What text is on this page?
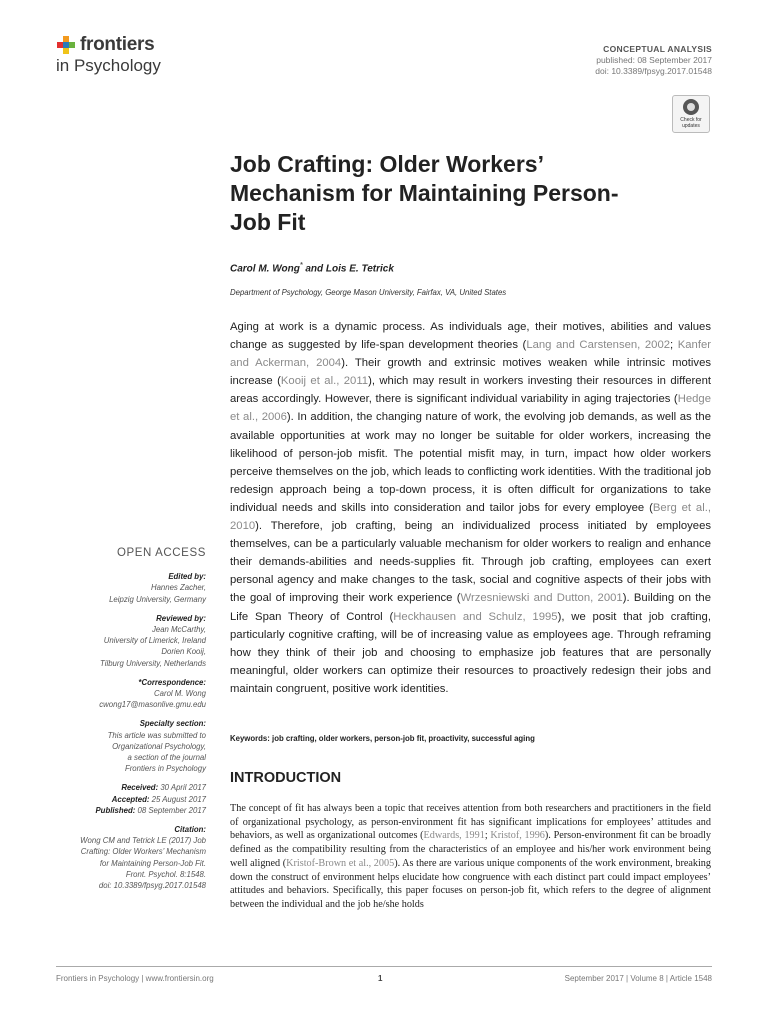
frontiers
in Psychology
CONCEPTUAL ANALYSIS
published: 08 September 2017
doi: 10.3389/fpsyg.2017.01548
Check for
updates
Job Crafting: Older Workers’ Mechanism for Maintaining Person-Job Fit
Carol M. Wong* and Lois E. Tetrick
Department of Psychology, George Mason University, Fairfax, VA, United States

Aging at work is a dynamic process. As individuals age, their motives, abilities and values change as suggested by life-span development theories (Lang and Carstensen, 2002; Kanfer and Ackerman, 2004). Their growth and extrinsic motives weaken while intrinsic motives increase (Kooij et al., 2011), which may result in workers investing their resources in different areas accordingly. However, there is significant individual variability in aging trajectories (Hedge et al., 2006). In addition, the changing nature of work, the evolving job demands, as well as the available opportunities at work may no longer be suitable for older workers, increasing the likelihood of person-job misfit. The potential misfit may, in turn, impact how older workers perceive themselves on the job, which leads to conflicting work identities. With the traditional job redesign approach being a top-down process, it is often difficult for organizations to take individual needs and skills into consideration and tailor jobs for every employee (Berg et al., 2010). Therefore, job crafting, being an individualized process initiated by employees themselves, can be a particularly valuable mechanism for older workers to realign and enhance their demands-abilities and needs-supplies fit. Through job crafting, employees can exert personal agency and make changes to the task, social and cognitive aspects of their jobs with the goal of improving their work experience (Wrzesniewski and Dutton, 2001). Building on the Life Span Theory of Control (Heckhausen and Schulz, 1995), we posit that job crafting, particularly cognitive crafting, will be of increasing value as employees age. Through reframing how they think of their job and choosing to emphasize job features that are personally meaningful, older workers can optimize their resources to proactively redesign their jobs and maintain congruent, positive work identities.

Keywords: job crafting, older workers, person-job fit, proactivity, successful aging
INTRODUCTION

The concept of fit has always been a topic that receives attention from both researchers and practitioners in the field of organizational psychology, as person-environment fit has significant implications for employees’ attitudes and behaviors, as well as organizational outcomes (Edwards, 1991; Kristof, 1996). Person-environment fit can be broadly defined as the compatibility resulting from the characteristics of an employee and his/her work environment being well aligned (Kristof-Brown et al., 2005). As there are various unique components of the work environment, breaking down the construct of environment helps elucidate how congruence with each distinct part could impact employees’ attitudes and behaviors. Specifically, this paper focuses on person-job fit, which refers to the degree of alignment between the individual and the job he/she holds

OPEN ACCESS
Edited by:
Hannes Zacher,
Leipzig University, Germany
Reviewed by:
Jean McCarthy,
University of Limerick, Ireland
Dorien Kooij,
Tilburg University, Netherlands
*Correspondence:
Carol M. Wong
cwong17@masonlive.gmu.edu
Specialty section:
This article was submitted to
Organizational Psychology,
a section of the journal
Frontiers in Psychology
Received: 30 April 2017
Accepted: 25 August 2017
Published: 08 September 2017
Citation:
Wong CM and Tetrick LE (2017) Job
Crafting: Older Workers’ Mechanism
for Maintaining Person-Job Fit.
Front. Psychol. 8:1548.
doi: 10.3389/fpsyg.2017.01548
Frontiers in Psychology | www.frontiersin.org	1	September 2017 | Volume 8 | Article 1548
